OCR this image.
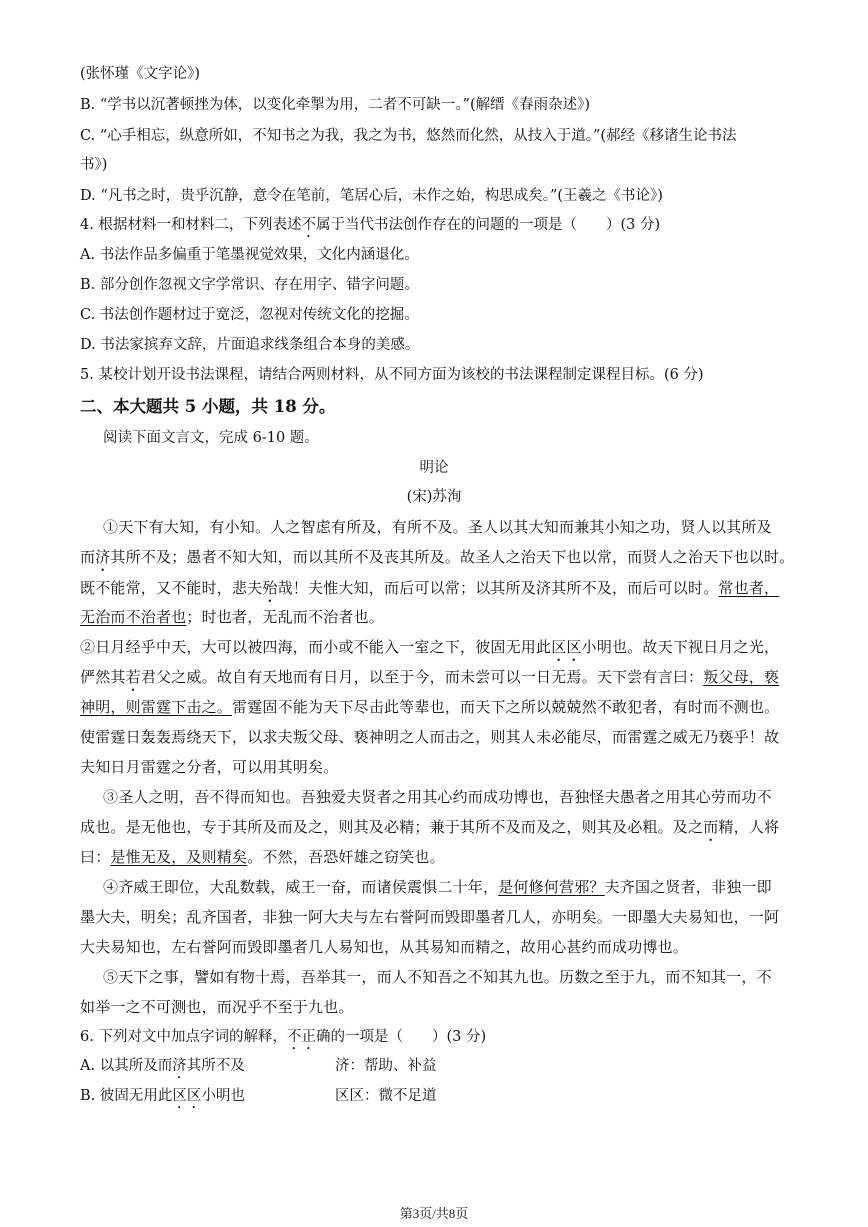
(张怀瑾《文字论》)
B. “学书以沉著顿挫为体，以变化牵掣为用，二者不可缺一。”(解缙《春雨杂述》)
C. “心手相忘，纵意所如，不知书之为我，我之为书，悠然而化然，从技入于道。”(郝经《移诸生论书法
书》)
D. “凡书之时，贵乎沉静，意令在笔前，笔居心后，未作之始，构思成矣。”(王羲之《书论》)
4. 根据材料一和材料二，下列表述不属于当代书法创作存在的问题的一项是（　　）(3 分)
A. 书法作品多偏重于笔墨视觉效果，文化内涵退化。
B. 部分创作忽视文字学常识、存在用字、错字问题。
C. 书法创作题材过于宽泛，忽视对传统文化的挖掘。
D. 书法家摈弃文辞，片面追求线条组合本身的美感。
5. 某校计划开设书法课程，请结合两则材料，从不同方面为该校的书法课程制定课程目标。(6 分)
二、本大题共 5 小题，共 18 分。
阅读下面文言文，完成 6-10 题。
明论
(宋)苏洵
①天下有大知，有小知。人之智虑有所及，有所不及。圣人以其大知而兼其小知之功，贤人以其所及
而济其所不及；愚者不知大知，而以其所不及丧其所及。故圣人之治天下也以常，而贤人之治天下也以时。
既不能常，又不能时，悲夫殆哉！夫惟大知，而后可以常；以其所及济其所不及，而后可以时。常也者，
无治而不治者也；时也者，无乱而不治者也。
②日月经乎中天，大可以被四海，而小或不能入一室之下，彼固无用此区区小明也。故天下视日月之光，
俨然其若君父之威。故自有天地而有日月，以至于今，而未尝可以一日无焉。天下尝有言曰：叛父母，亵
神明，则雷霆下击之。雷霆固不能为天下尽击此等辈也，而天下之所以兢兢然不敢犯者，有时而不测也。
使雷霆日轰轰焉绕天下，以求夫叛父母、亵神明之人而击之，则其人未必能尽，而雷霆之威无乃亵乎！故
夫知日月雷霆之分者，可以用其明矣。
③圣人之明，吾不得而知也。吾独爱夫贤者之用其心约而成功博也，吾独怪夫愚者之用其心劳而功不
成也。是无他也，专于其所及而及之，则其及必精；兼于其所不及而及之，则其及必粗。及之而精，人将
曰：是惟无及，及则精矣。不然，吾恐奸雄之窃笑也。
④齐威王即位，大乱数载，威王一奋，而诸侯震惧二十年，是何修何营邪？夫齐国之贤者，非独一即
墨大夫，明矣；乱齐国者，非独一阿大夫与左右誉阿而毁即墨者几人，亦明矣。一即墨大夫易知也，一阿
大夫易知也，左右誉阿而毁即墨者几人易知也，从其易知而精之，故用心甚约而成功博也。
⑤天下之事，譬如有物十焉，吾举其一，而人不知吾之不知其九也。历数之至于九，而不知其一，不
如举一之不可测也，而况乎不至于九也。
6. 下列对文中加点字词的解释，不正确的一项是（　　）(3 分)
A. 以其所及而济其所不及	济：帮助、补益
B. 彼固无用此区区小明也	区区：微不足道
第3页/共8页
